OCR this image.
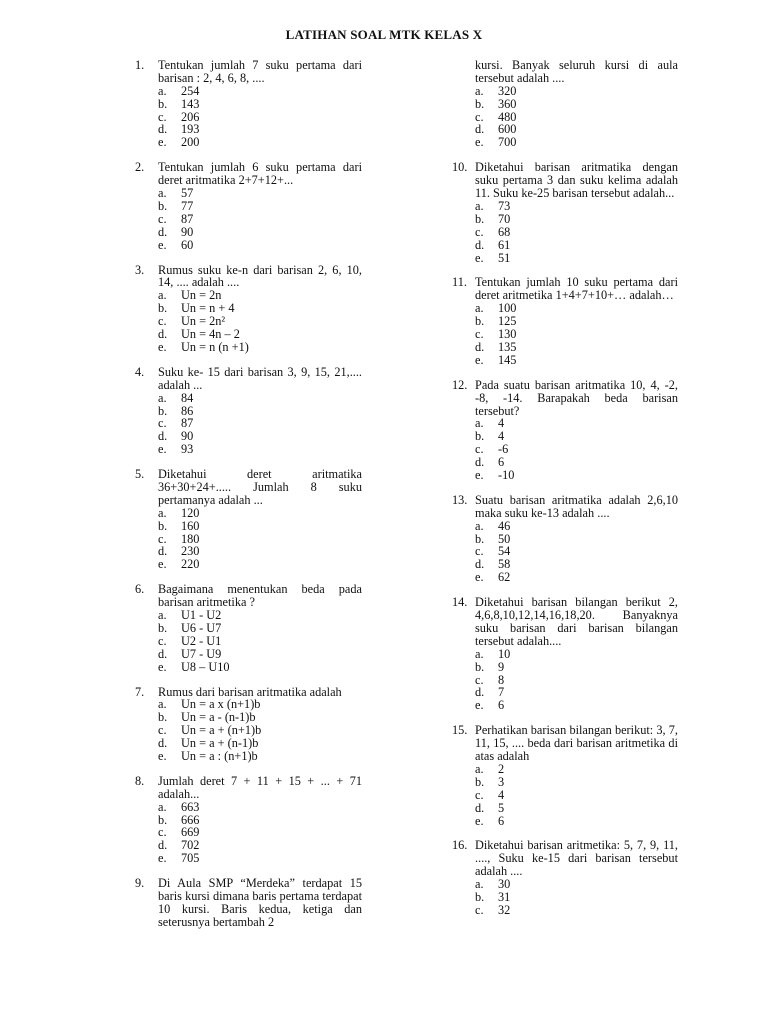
LATIHAN SOAL MTK KELAS X
1.	Tentukan jumlah 7 suku pertama dari barisan : 2, 4, 6, 8, ....
a.	254
b.	143
c.	206
d.	193
e.	200
2.	Tentukan jumlah 6 suku pertama dari deret aritmatika 2+7+12+...
a.	57
b.	77
c.	87
d.	90
e.	60
3.	Rumus suku ke-n dari barisan 2, 6, 10, 14, .... adalah ....
a.	Un = 2n
b.	Un = n + 4
c.	Un = 2n²
d.	Un = 4n – 2
e.	Un = n (n +1)
4.	Suku ke- 15 dari barisan 3, 9, 15, 21,.... adalah ...
a.	84
b.	86
c.	87
d.	90
e.	93
5.	Diketahui deret aritmatika 36+30+24+..... Jumlah 8 suku pertamanya adalah ...
a.	120
b.	160
c.	180
d.	230
e.	220
6.	Bagaimana menentukan beda pada barisan aritmetika ?
a.	U1 - U2
b.	U6 - U7
c.	U2 - U1
d.	U7 - U9
e.	U8 – U10
7.	Rumus dari barisan aritmatika adalah
a.	Un = a x (n+1)b
b.	Un = a - (n-1)b
c.	Un = a + (n+1)b
d.	Un = a + (n-1)b
e.	Un = a : (n+1)b
8.	Jumlah deret 7 + 11 + 15 + ... + 71 adalah...
a.	663
b.	666
c.	669
d.	702
e.	705
9.	Di Aula SMP “Merdeka” terdapat 15 baris kursi dimana baris pertama terdapat 10 kursi. Baris kedua, ketiga dan seterusnya bertambah 2
kursi. Banyak seluruh kursi di aula tersebut adalah ....
a.	320
b.	360
c.	480
d.	600
e.	700
10. Diketahui barisan aritmatika dengan suku pertama 3 dan suku kelima adalah 11. Suku ke-25 barisan tersebut adalah...
a.	73
b.	70
c.	68
d.	61
e.	51
11. Tentukan jumlah 10 suku pertama dari deret aritmetika 1+4+7+10+… adalah…
a.	100
b.	125
c.	130
d.	135
e.	145
12. Pada suatu barisan aritmatika 10, 4, -2, -8, -14. Barapakah beda barisan tersebut?
a.	4
b.	4
c.	-6
d.	6
e.	-10
13. Suatu barisan aritmatika adalah 2,6,10 maka suku ke-13 adalah ....
a.	46
b.	50
c.	54
d.	58
e.	62
14. Diketahui barisan bilangan berikut 2, 4,6,8,10,12,14,16,18,20. Banyaknya suku barisan dari barisan bilangan tersebut adalah....
a.	10
b.	9
c.	8
d.	7
e.	6
15. Perhatikan barisan bilangan berikut: 3, 7, 11, 15, .... beda dari barisan aritmetika di atas adalah
a.	2
b.	3
c.	4
d.	5
e.	6
16. Diketahui barisan aritmetika: 5, 7, 9, 11, ...., Suku ke-15 dari barisan tersebut adalah ....
a.	30
b.	31
c.	32
